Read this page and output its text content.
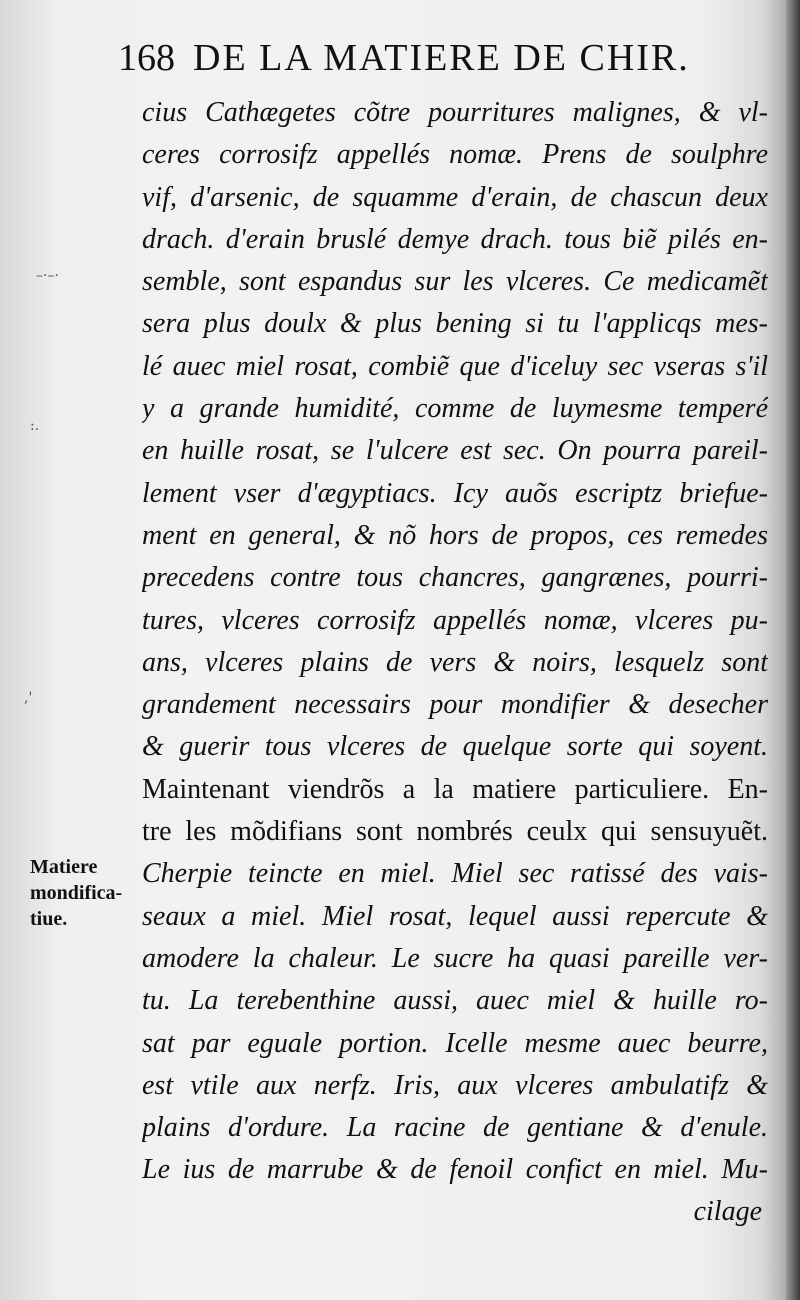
168 DE LA MATIERE DE CHIR.
–·–·
:.
,'
cius Cathægetes cõtre pourritures malignes, & vl-
ceres corrosifz appellés nomæ. Prens de soulphre
vif, d'arsenic, de squamme d'erain, de chascun deux
drach. d'erain bruslé demye drach. tous biẽ pilés en-
semble, sont espandus sur les vlceres. Ce medicamẽt
sera plus doulx & plus bening si tu l'applicqs mes-
lé auec miel rosat, combiẽ que d'iceluy sec vseras s'il
y a grande humidité, comme de luymesme temperé
en huille rosat, se l'ulcere est sec. On pourra pareil-
lement vser d'ægyptiacs. Icy auõs escriptz briefue-
ment en general, & nõ hors de propos, ces remedes
precedens contre tous chancres, gangrænes, pourri-
tures, vlceres corrosifz appellés nomæ, vlceres pu-
ans, vlceres plains de vers & noirs, lesquelz sont
grandement necessairs pour mondifier & desecher
& guerir tous vlceres de quelque sorte qui soyent.
Maintenant viendrõs a la matiere particuliere. En-
tre les mõdifians sont nombrés ceulx qui sensuyuẽt.
Cherpie teincte en miel. Miel sec ratissé des vais-
seaux a miel. Miel rosat, lequel aussi repercute &
amodere la chaleur. Le sucre ha quasi pareille ver-
tu. La terebenthine aussi, auec miel & huille ro-
sat par eguale portion. Icelle mesme auec beurre,
est vtile aux nerfz. Iris, aux vlceres ambulatifz &
plains d'ordure. La racine de gentiane & d'enule.
Le ius de marrube & de fenoil confict en miel. Mu-
Matiere
mondifica-
tiue.
cilage
